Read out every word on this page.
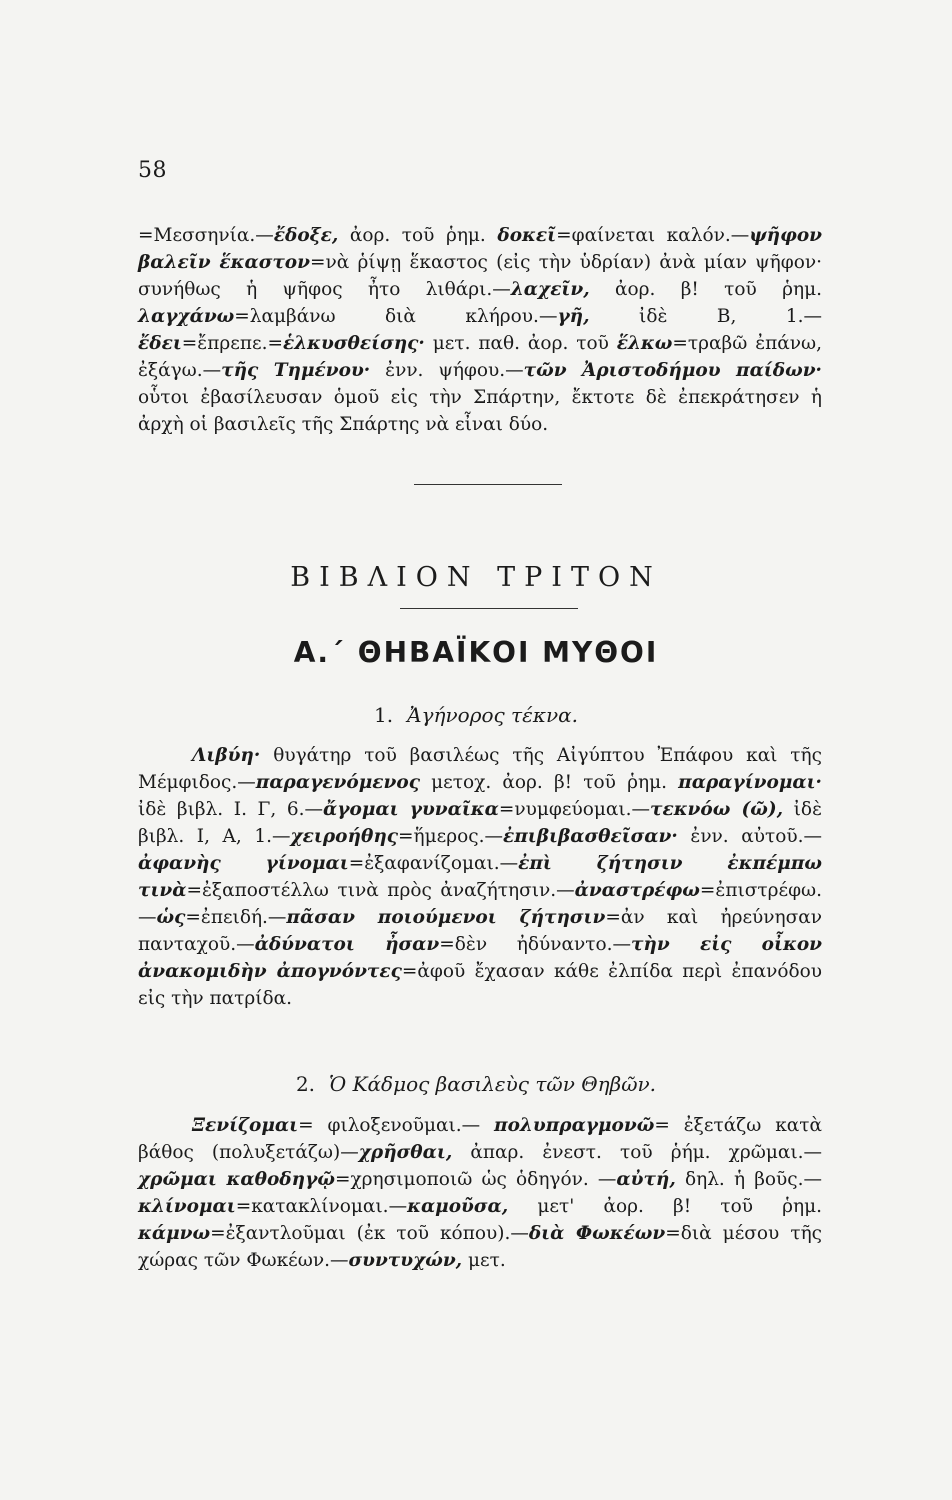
58

=Μεσσηνία.—ἔδοξε, ἀορ. τοῦ ῥημ. δοκεῖ=φαίνεται καλόν.—ψῆφον βαλεῖν ἕκαστον=νὰ ῥίψῃ ἕκαστος (εἰς τὴν ὑδρίαν) ἀνὰ μίαν ψῆφον· συνήθως ἡ ψῆφος ἦτο λιθάρι.—λαχεῖν, ἀορ. β! τοῦ ῥημ. λαγχάνω=λαμβάνω διὰ κλήρου.—γῆ, ἰδὲ Β, 1.—ἔδει=ἔπρεπε.=ἑλκυσθείσης· μετ. παθ. ἀορ. τοῦ ἕλκω=τραβῶ ἐπάνω, ἐξάγω.—τῆς Τημένου· ἐνν. ψήφου.—τῶν Ἀριστοδήμου παίδων· οὗτοι ἐβασίλευσαν ὁμοῦ εἰς τὴν Σπάρτην, ἔκτοτε δὲ ἐπεκράτησεν ἡ ἀρχὴ οἱ βασιλεῖς τῆς Σπάρτης νὰ εἶναι δύο.

ΒΙΒΛΙΟΝ ΤΡΙΤΟΝ
Α.´ ΘΗΒΑΪΚΟΙ ΜΥΘΟΙ
1. Ἀγήνορος τέκνα.

Λιβύη· θυγάτηρ τοῦ βασιλέως τῆς Αἰγύπτου Ἐπάφου καὶ τῆς Μέμφιδος.—παραγενόμενος μετοχ. ἀορ. β! τοῦ ῥημ. παραγίνομαι· ἰδὲ βιβλ. Ι. Γ, 6.—ἄγομαι γυναῖκα=νυμφεύομαι.—τεκνόω (ῶ), ἰδὲ βιβλ. Ι, Α, 1.—χειροήθης=ἥμερος.—ἐπιβιβασθεῖσαν· ἐνν. αὐτοῦ.—ἀφανὴς γίνομαι=ἐξαφανίζομαι.—ἐπὶ ζήτησιν ἐκπέμπω τινὰ=ἐξαποστέλλω τινὰ πρὸς ἀναζήτησιν.—ἀναστρέφω=ἐπιστρέφω.—ὡς=ἐπειδή.—πᾶσαν ποιούμενοι ζήτησιν=ἀν καὶ ἠρεύνησαν πανταχοῦ.—ἀδύνατοι ἦσαν=δὲν ἠδύναντο.—τὴν εἰς οἶκον ἀνακομιδὴν ἀπογνόντες=ἀφοῦ ἔχασαν κάθε ἐλπίδα περὶ ἐπανόδου εἰς τὴν πατρίδα.

2. Ὁ Κάδμος βασιλεὺς τῶν Θηβῶν.

Ξενίζομαι= φιλοξενοῦμαι.— πολυπραγμονῶ= ἐξετάζω κατὰ βάθος (πολυξετάζω)—χρῆσθαι, ἀπαρ. ἐνεστ. τοῦ ῥήμ. χρῶμαι.—χρῶμαι καθοδηγῷ=χρησιμοποιῶ ὡς ὁδηγόν. —αὐτή, δηλ. ἡ βοῦς.—κλίνομαι=κατακλίνομαι.—καμοῦσα, μετ' ἀορ. β! τοῦ ῥημ. κάμνω=ἐξαντλοῦμαι (ἐκ τοῦ κόπου).—διὰ Φωκέων=διὰ μέσου τῆς χώρας τῶν Φωκέων.—συντυχών, μετ.
